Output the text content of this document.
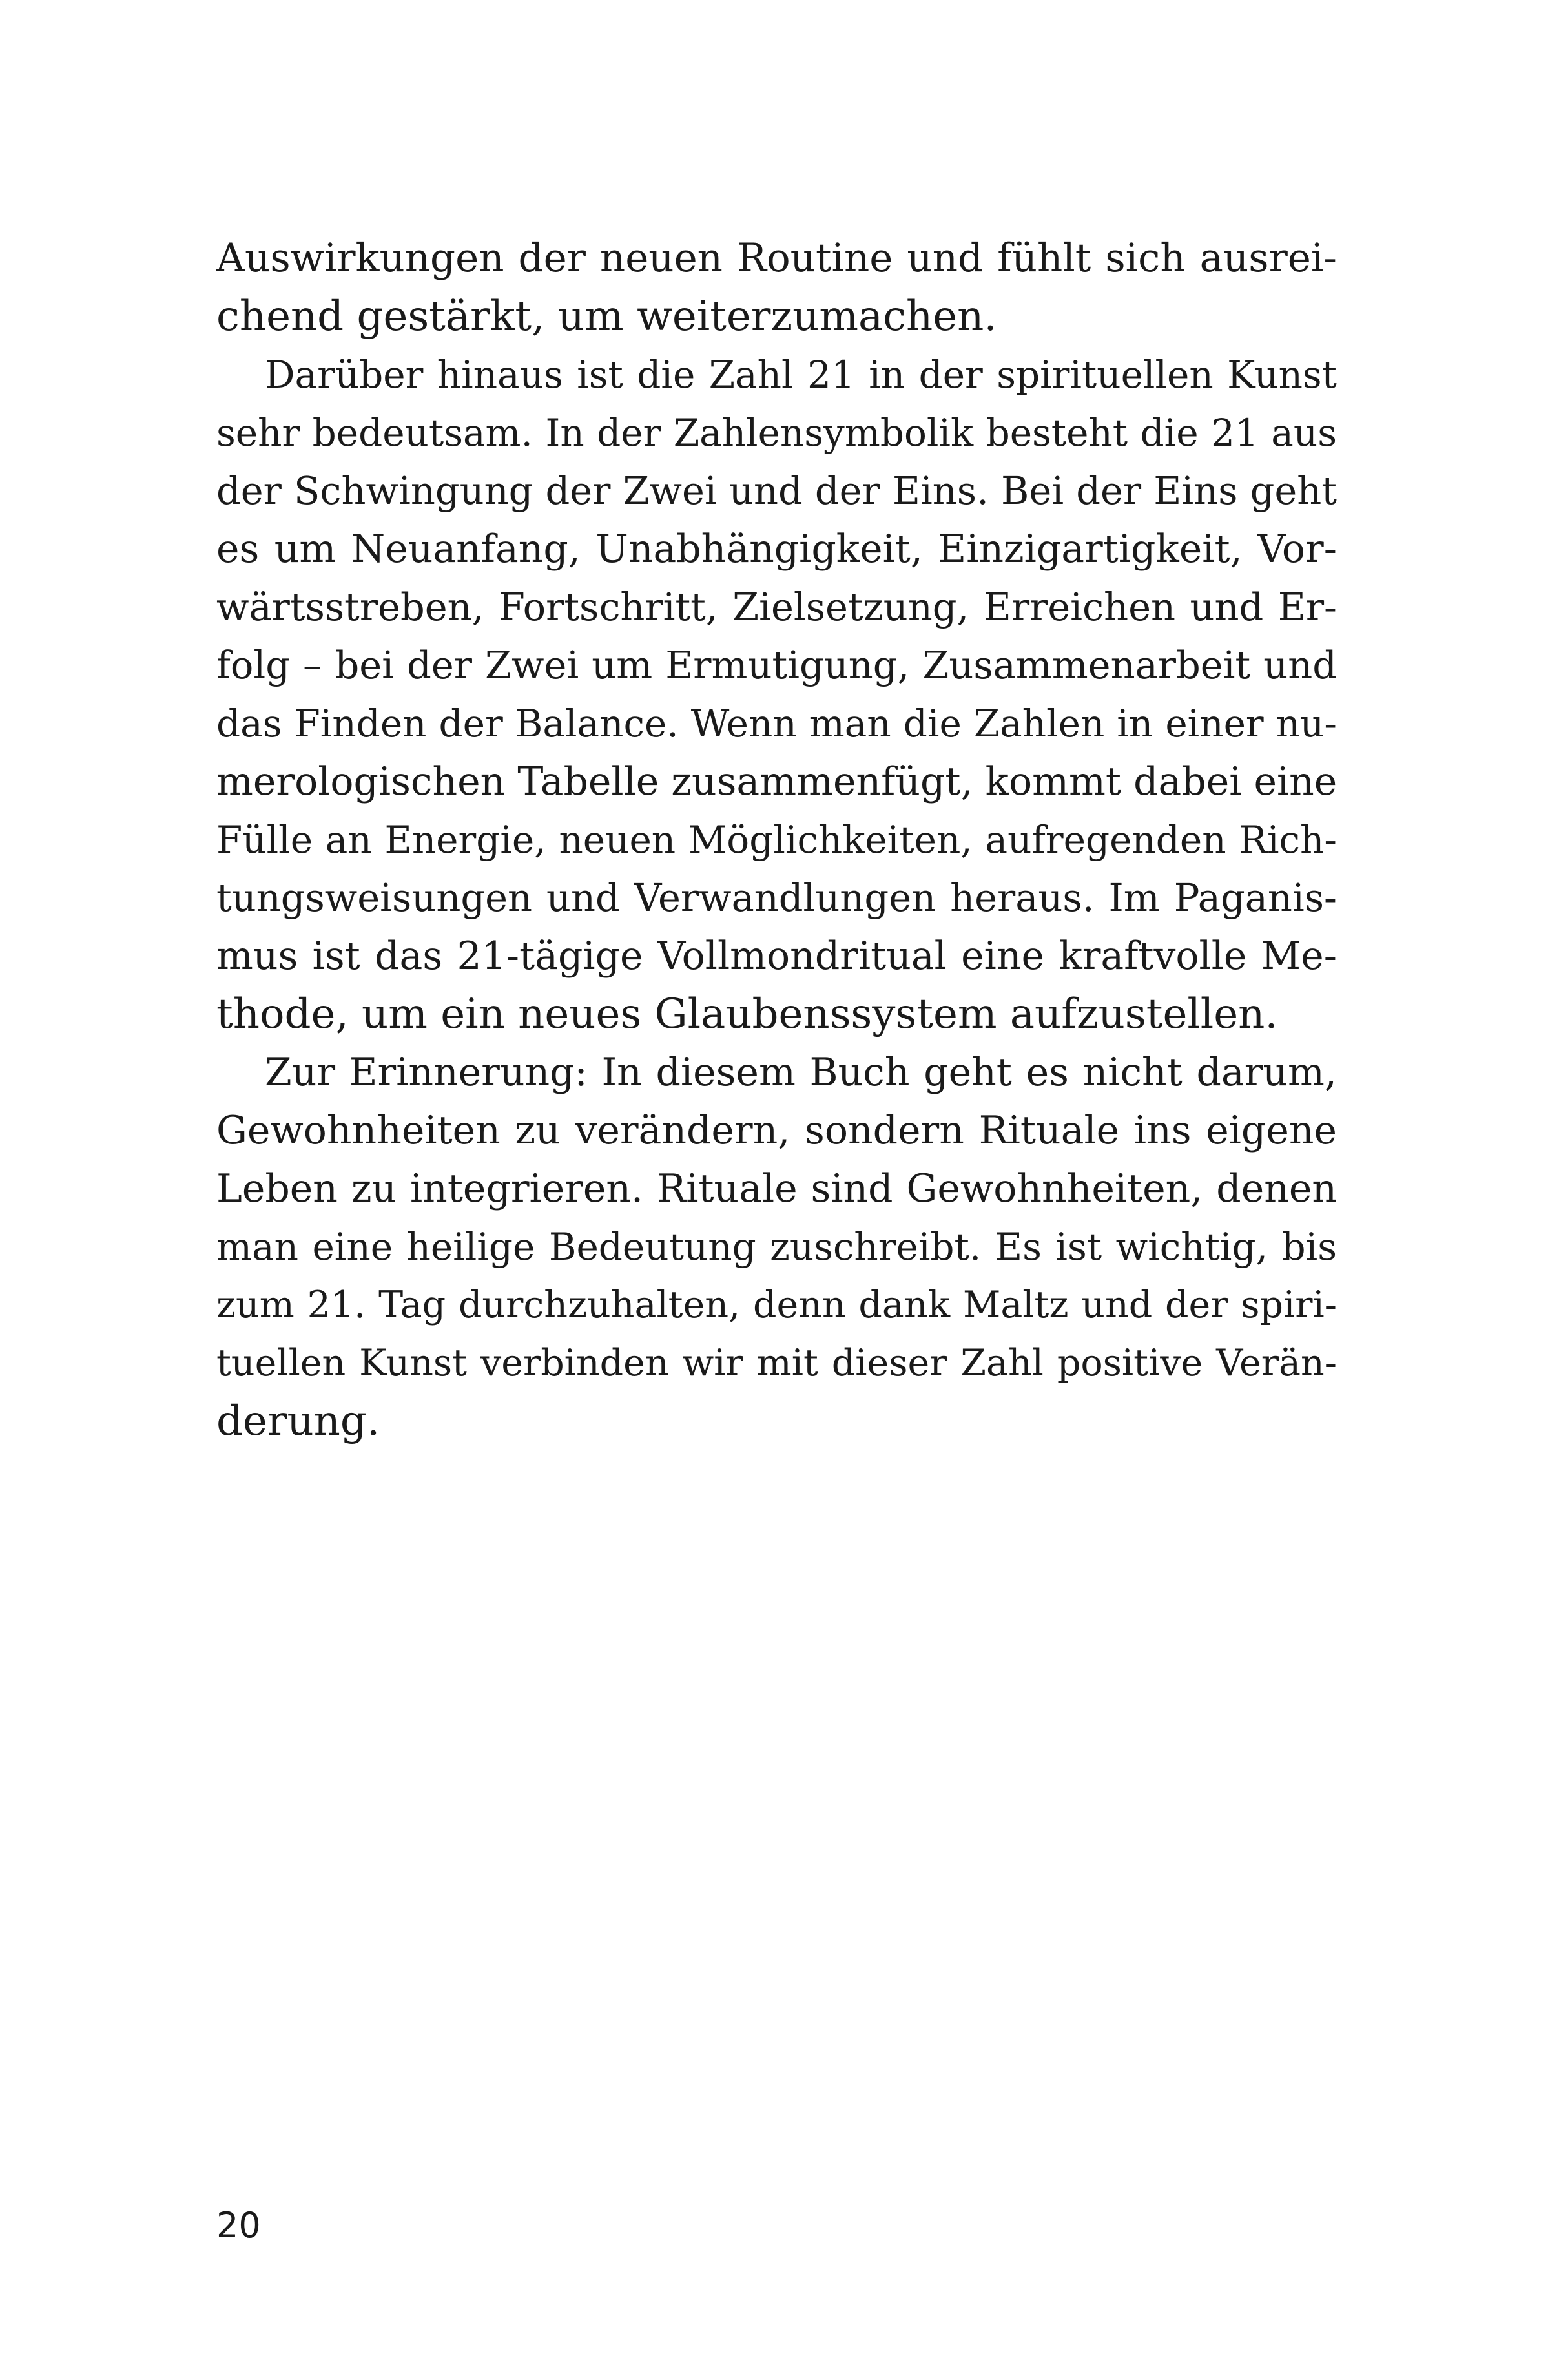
Auswirkungen der neuen Routine und fühlt sich ausrei-
chend gestärkt, um weiterzumachen.
Darüber hinaus ist die Zahl 21 in der spirituellen Kunst
sehr bedeutsam. In der Zahlensymbolik besteht die 21 aus
der Schwingung der Zwei und der Eins. Bei der Eins geht
es um Neuanfang, Unabhängigkeit, Einzigartigkeit, Vor-
wärtsstreben, Fortschritt, Zielsetzung, Erreichen und Er-
folg – bei der Zwei um Ermutigung, Zusammenarbeit und
das Finden der Balance. Wenn man die Zahlen in einer nu-
merologischen Tabelle zusammenfügt, kommt dabei eine
Fülle an Energie, neuen Möglichkeiten, aufregenden Rich-
tungsweisungen und Verwandlungen heraus. Im Paganis-
mus ist das 21-tägige Vollmondritual eine kraftvolle Me-
thode, um ein neues Glaubenssystem aufzustellen.
Zur Erinnerung: In diesem Buch geht es nicht darum,
Gewohnheiten zu verändern, sondern Rituale ins eigene
Leben zu integrieren. Rituale sind Gewohnheiten, denen
man eine heilige Bedeutung zuschreibt. Es ist wichtig, bis
zum 21. Tag durchzuhalten, denn dank Maltz und der spiri-
tuellen Kunst verbinden wir mit dieser Zahl positive Verän-
derung.
20
